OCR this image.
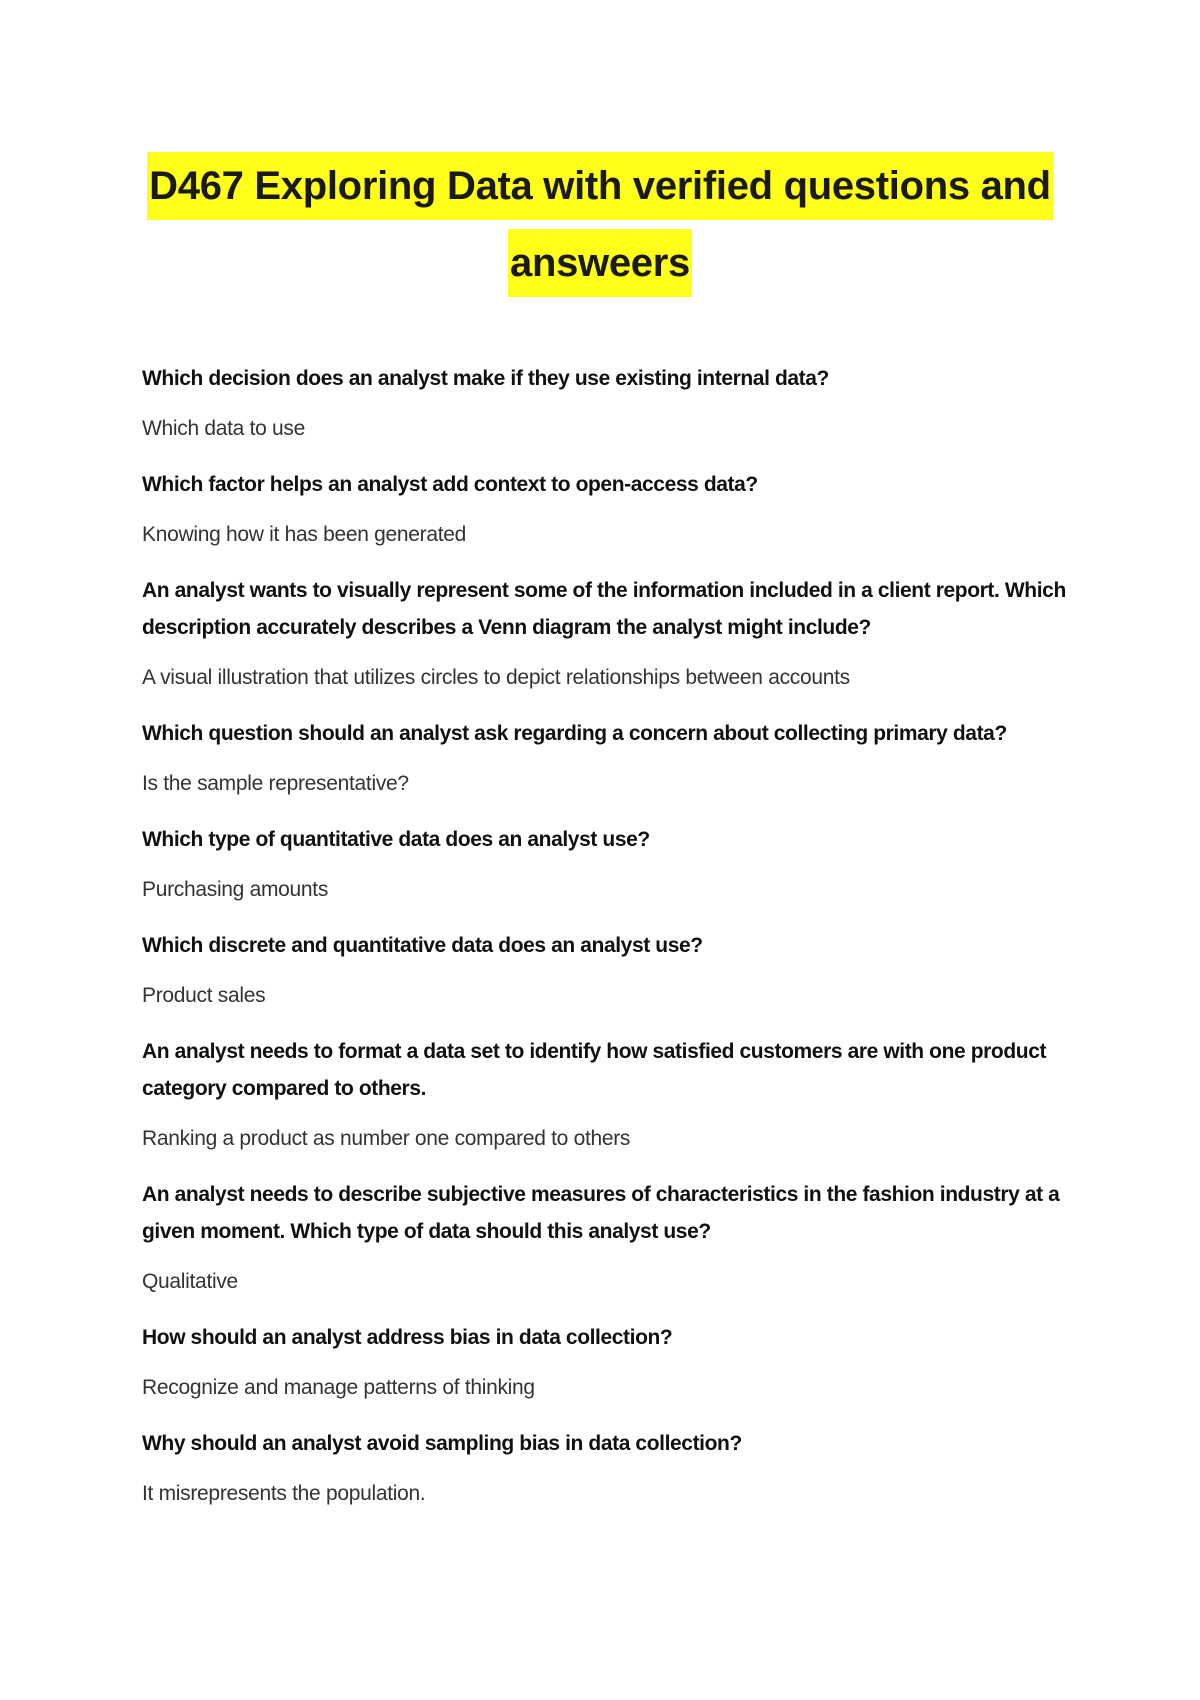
D467 Exploring Data with verified questions and
answeers
Which decision does an analyst make if they use existing internal data?
Which data to use
Which factor helps an analyst add context to open-access data?
Knowing how it has been generated
An analyst wants to visually represent some of the information included in a client report. Which description accurately describes a Venn diagram the analyst might include?
A visual illustration that utilizes circles to depict relationships between accounts
Which question should an analyst ask regarding a concern about collecting primary data?
Is the sample representative?
Which type of quantitative data does an analyst use?
Purchasing amounts
Which discrete and quantitative data does an analyst use?
Product sales
An analyst needs to format a data set to identify how satisfied customers are with one product category compared to others.
Ranking a product as number one compared to others
An analyst needs to describe subjective measures of characteristics in the fashion industry at a given moment. Which type of data should this analyst use?
Qualitative
How should an analyst address bias in data collection?
Recognize and manage patterns of thinking
Why should an analyst avoid sampling bias in data collection?
It misrepresents the population.
